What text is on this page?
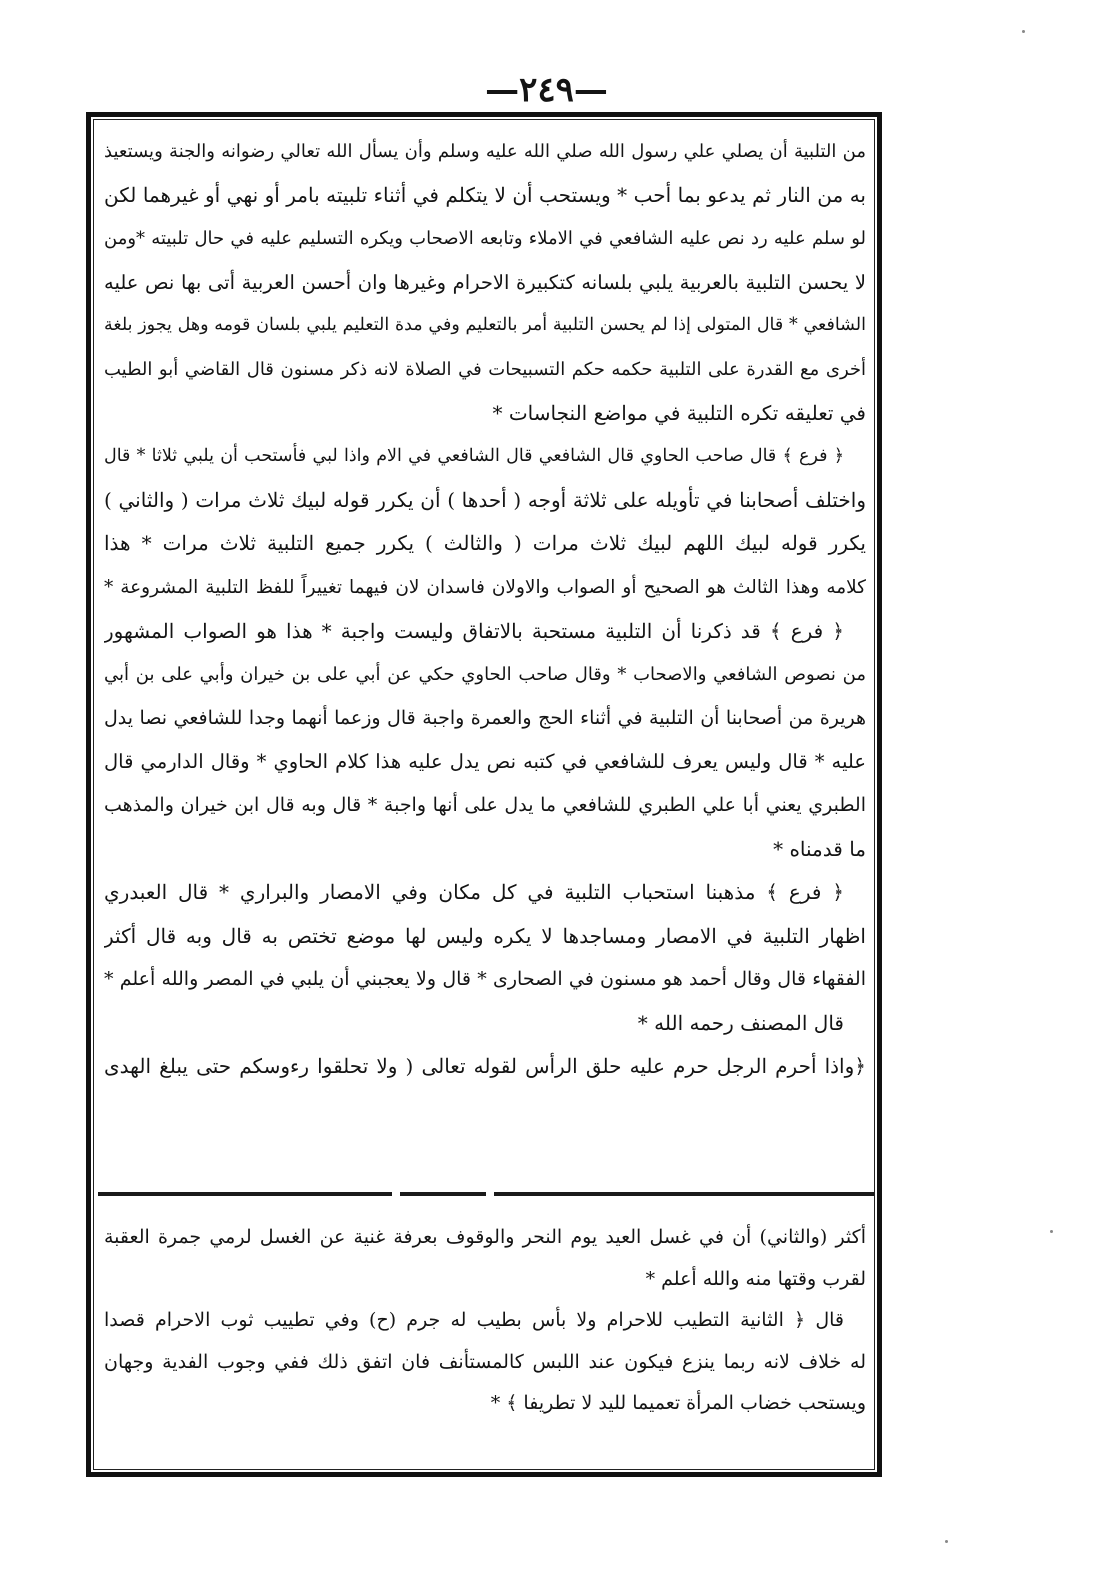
—٢٤٩—
من التلبية أن يصلي علي رسول الله صلي الله عليه وسلم وأن يسأل الله تعالي رضوانه والجنة ويستعيذ
به من النار ثم يدعو بما أحب * ويستحب أن لا يتكلم في أثناء تلبيته بامر أو نهي أو غيرهما لكن
لو سلم عليه رد نص عليه الشافعي في الاملاء وتابعه الاصحاب ويكره التسليم عليه في حال تلبيته *ومن
لا يحسن التلبية بالعربية يلبي بلسانه كتكبيرة الاحرام وغيرها وان أحسن العربية أتى بها نص عليه
الشافعي * قال المتولى إذا لم يحسن التلبية أمر بالتعليم وفي مدة التعليم يلبي بلسان قومه وهل يجوز بلغة
أخرى مع القدرة على التلبية حكمه حكم التسبيحات في الصلاة لانه ذكر مسنون قال القاضي أبو الطيب
في تعليقه تكره التلبية في مواضع النجاسات *
﴿ فرع ﴾ قال صاحب الحاوي قال الشافعي قال الشافعي في الام واذا لبي فأستحب أن يلبي ثلاثا * قال
واختلف أصحابنا في تأويله على ثلاثة أوجه ( أحدها ) أن يكرر قوله لبيك ثلاث مرات ( والثاني )
يكرر قوله لبيك اللهم لبيك ثلاث مرات ( والثالث ) يكرر جميع التلبية ثلاث مرات * هذا
كلامه وهذا الثالث هو الصحيح أو الصواب والاولان فاسدان لان فيهما تغييراً للفظ التلبية المشروعة *
﴿ فرع ﴾ قد ذكرنا أن التلبية مستحبة بالاتفاق وليست واجبة * هذا هو الصواب المشهور
من نصوص الشافعي والاصحاب * وقال صاحب الحاوي حكي عن أبي على بن خيران وأبي على بن أبي
هريرة من أصحابنا أن التلبية في أثناء الحج والعمرة واجبة قال وزعما أنهما وجدا للشافعي نصا يدل
عليه * قال وليس يعرف للشافعي في كتبه نص يدل عليه هذا كلام الحاوي * وقال الدارمي قال
الطبري يعني أبا علي الطبري للشافعي ما يدل على أنها واجبة * قال وبه قال ابن خيران والمذهب
ما قدمناه *
﴿ فرع ﴾ مذهبنا استحباب التلبية في كل مكان وفي الامصار والبراري * قال العبدري
اظهار التلبية في الامصار ومساجدها لا يكره وليس لها موضع تختص به قال وبه قال أكثر
الفقهاء قال وقال أحمد هو مسنون في الصحارى * قال ولا يعجبني أن يلبي في المصر والله أعلم *
قال المصنف رحمه الله *
﴿واذا أحرم الرجل حرم عليه حلق الرأس لقوله تعالى ( ولا تحلقوا رءوسكم حتى يبلغ الهدى
أكثر (والثاني) أن في غسل العيد يوم النحر والوقوف بعرفة غنية عن الغسل لرمي جمرة العقبة
لقرب وقتها منه والله أعلم *
قال ﴿ الثانية التطيب للاحرام ولا بأس بطيب له جرم (ح) وفي تطييب ثوب الاحرام قصدا
له خلاف لانه ربما ينزع فيكون عند اللبس كالمستأنف فان اتفق ذلك ففي وجوب الفدية وجهان
ويستحب خضاب المرأة تعميما لليد لا تطريفا ﴾ *
